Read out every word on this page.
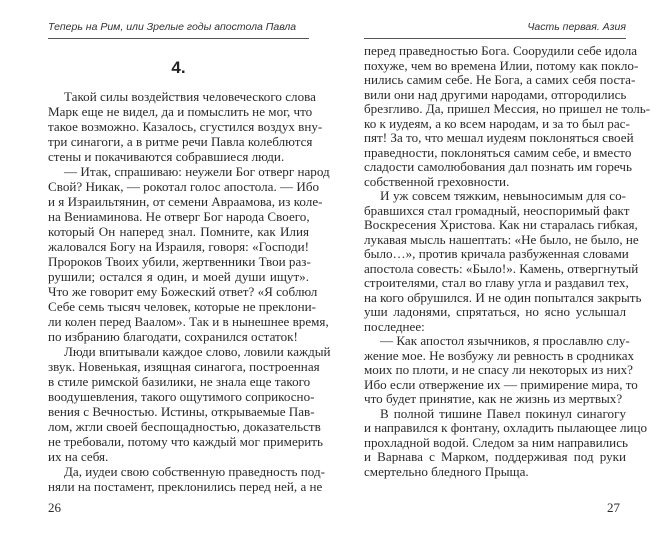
Теперь на Рим, или Зрелые годы апостола Павла
4.
Такой силы воздействия человеческого слова
Марк еще не видел, да и помыслить не мог, что
такое возможно. Казалось, сгустился воздух вну-
три синагоги, а в ритме речи Павла колеблются
стены и покачиваются собравшиеся люди.
— Итак, спрашиваю: неужели Бог отверг народ
Свой? Никак, — рокотал голос апостола. — Ибо
и я Израильтянин, от семени Авраамова, из коле-
на Вениаминова. Не отверг Бог народа Своего,
который Он наперед знал. Помните, как Илия
жаловался Богу на Израиля, говоря: «Господи!
Пророков Твоих убили, жертвенники Твои раз-
рушили; остался я один, и моей души ищут».
Что же говорит ему Божеский ответ? «Я соблюл
Себе семь тысяч человек, которые не преклони-
ли колен перед Ваалом». Так и в нынешнее время,
по избранию благодати, сохранился остаток!
Люди впитывали каждое слово, ловили каждый
звук. Новенькая, изящная синагога, построенная
в стиле римской базилики, не знала еще такого
воодушевления, такого ощутимого соприкосно-
вения с Вечностью. Истины, открываемые Пав-
лом, жгли своей беспощадностью, доказательств
не требовали, потому что каждый мог примерить
их на себя.
Да, иудеи свою собственную праведность под-
няли на постамент, преклонились перед ней, а не
26
Часть первая. Азия
перед праведностью Бога. Соорудили себе идола
похуже, чем во времена Илии, потому как покло-
нились самим себе. Не Бога, а самих себя поста-
вили они над другими народами, отгородились
брезгливо. Да, пришел Мессия, но пришел не толь-
ко к иудеям, а ко всем народам, и за то был рас-
пят! За то, что мешал иудеям поклоняться своей
праведности, поклоняться самим себе, и вместо
сладости самолюбования дал познать им горечь
собственной греховности.
И уж совсем тяжким, невыносимым для со-
бравшихся стал громадный, неоспоримый факт
Воскресения Христова. Как ни старалась гибкая,
лукавая мысль нашептать: «Не было, не было, не
было…», против кричала разбуженная словами
апостола совесть: «Было!». Камень, отвергнутый
строителями, стал во главу угла и раздавил тех,
на кого обрушился. И не один попытался закрыть
уши ладонями, спрятаться, но ясно услышал
последнее:
— Как апостол язычников, я прославлю слу-
жение мое. Не возбужу ли ревность в сродниках
моих по плоти, и не спасу ли некоторых из них?
Ибо если отвержение их — примирение мира, то
что будет принятие, как не жизнь из мертвых?
В полной тишине Павел покинул синагогу
и направился к фонтану, охладить пылающее лицо
прохладной водой. Следом за ним направились
и Варнава с Марком, поддерживая под руки
смертельно бледного Прыща.
27
